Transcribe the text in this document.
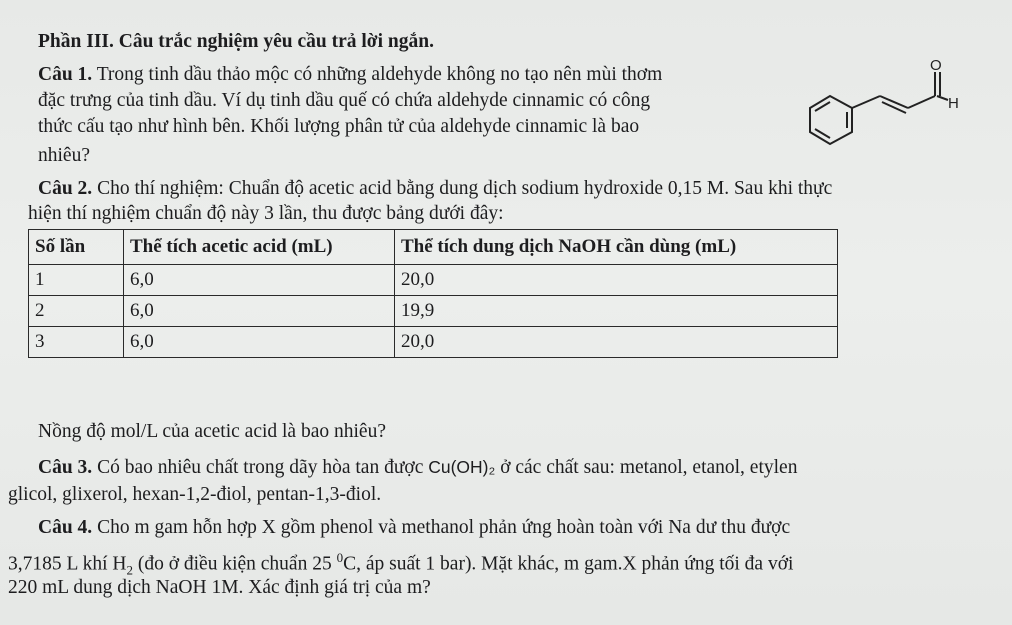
Phần III. Câu trắc nghiệm yêu cầu trả lời ngắn.
Câu 1. Trong tinh dầu thảo mộc có những aldehyde không no tạo nên mùi thơm
đặc trưng của tinh dầu. Ví dụ tinh dầu quế có chứa aldehyde cinnamic có công
thức cấu tạo như hình bên. Khối lượng phân tử của aldehyde cinnamic là bao
nhiêu?
O
H
Câu 2. Cho thí nghiệm: Chuẩn độ acetic acid bằng dung dịch sodium hydroxide 0,15 M. Sau khi thực
hiện thí nghiệm chuẩn độ này 3 lần, thu được bảng dưới đây:
Số lần	Thể tích acetic acid (mL)	Thể tích dung dịch NaOH cần dùng (mL)
1	6,0	20,0
2	6,0	19,9
3	6,0	20,0
Nồng độ mol/L của acetic acid là bao nhiêu?
Câu 3. Có bao nhiêu chất trong dãy hòa tan được Cu(OH)₂ ở các chất sau: metanol, etanol, etylen
glicol, glixerol, hexan-1,2-điol, pentan-1,3-điol.
Câu 4. Cho m gam hỗn hợp X gồm phenol và methanol phản ứng hoàn toàn với Na dư thu được
3,7185 L khí $H_2$ (đo ở điều kiện chuẩn 25 $^0$C, áp suất 1 bar). Mặt khác, m gam.X phản ứng tối đa với
220 mL dung dịch NaOH 1M. Xác định giá trị của m?
